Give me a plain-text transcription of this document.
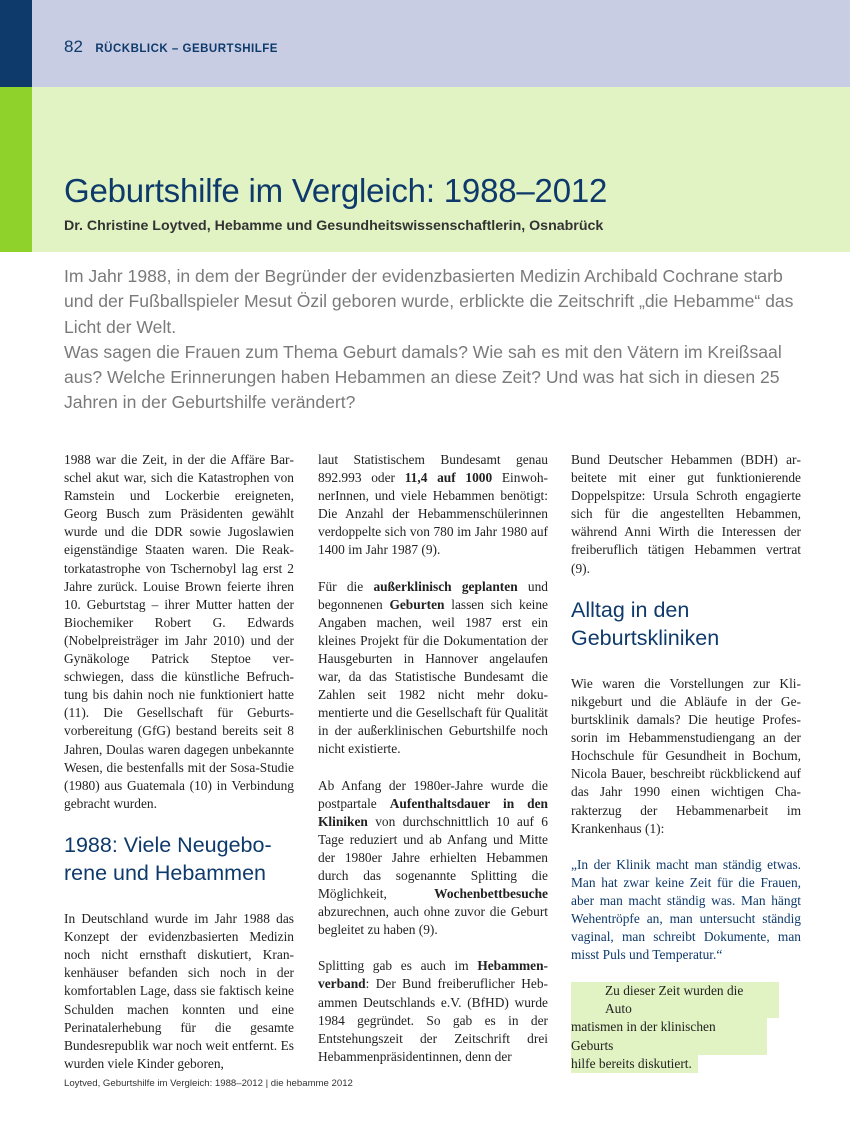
82 RÜCKBLICK – GEBURTSHILFE
Geburtshilfe im Vergleich: 1988–2012
Dr. Christine Loytved, Hebamme und Gesundheitswissenschaftlerin, Osnabrück

Im Jahr 1988, in dem der Begründer der evidenzbasierten Medizin Archibald Cochrane starb und der Fußballspieler Mesut Özil geboren wurde, erblickte die Zeitschrift „die Hebamme“ das Licht der Welt.

Was sagen die Frauen zum Thema Geburt damals? Wie sah es mit den Vätern im Kreißsaal aus? Welche Erinnerungen haben Hebammen an diese Zeit? Und was hat sich in diesen 25 Jahren in der Geburtshilfe verändert?

1988 war die Zeit, in der die Affäre Barschel akut war, sich die Katastrophen von Ramstein und Lockerbie ereigneten, Georg Busch zum Präsidenten gewählt wurde und die DDR sowie Jugoslawien eigenständige Staaten waren. Die Reaktorkatastrophe von Tschernobyl lag erst 2 Jahre zurück. Louise Brown feierte ihren 10. Geburtstag – ihrer Mutter hatten der Biochemiker Robert G. Edwards (Nobelpreisträger im Jahr 2010) und der Gynäkologe Patrick Steptoe verschwiegen, dass die künstliche Befruchtung bis dahin noch nie funktioniert hatte (11). Die Gesellschaft für Geburtsvorbereitung (GfG) bestand bereits seit 8 Jahren, Doulas waren dagegen unbekannte Wesen, die bestenfalls mit der Sosa-Studie (1980) aus Guatemala (10) in Verbindung gebracht wurden.

1988: Viele Neugeborene und Hebammen

In Deutschland wurde im Jahr 1988 das Konzept der evidenzbasierten Medizin noch nicht ernsthaft diskutiert, Krankenhäuser befanden sich noch in der komfortablen Lage, dass sie faktisch keine Schulden machen konnten und eine Perinatalerhebung für die gesamte Bundesrepublik war noch weit entfernt. Es wurden viele Kinder geboren,

laut Statistischem Bundesamt genau 892.993 oder 11,4 auf 1000 EinwohnerInnen, und viele Hebammen benötigt: Die Anzahl der Hebammenschülerinnen verdoppelte sich von 780 im Jahr 1980 auf 1400 im Jahr 1987 (9).

Für die außerklinisch geplanten und begonnenen Geburten lassen sich keine Angaben machen, weil 1987 erst ein kleines Projekt für die Dokumentation der Hausgeburten in Hannover angelaufen war, da das Statistische Bundesamt die Zahlen seit 1982 nicht mehr dokumentierte und die Gesellschaft für Qualität in der außerklinischen Geburtshilfe noch nicht existierte.

Ab Anfang der 1980er-Jahre wurde die postpartale Aufenthaltsdauer in den Kliniken von durchschnittlich 10 auf 6 Tage reduziert und ab Anfang und Mitte der 1980er Jahre erhielten Hebammen durch das sogenannte Splitting die Möglichkeit, Wochenbettbesuche abzurechnen, auch ohne zuvor die Geburt begleitet zu haben (9).

Splitting gab es auch im Hebammenverband: Der Bund freiberuflicher Hebammen Deutschlands e.V. (BfHD) wurde 1984 gegründet. So gab es in der Entstehungszeit der Zeitschrift drei Hebammenpräsidentinnen, denn der

Bund Deutscher Hebammen (BDH) arbeitete mit einer gut funktionierende Doppelspitze: Ursula Schroth engagierte sich für die angestellten Hebammen, während Anni Wirth die Interessen der freiberuflich tätigen Hebammen vertrat (9).

Alltag in den Geburtskliniken

Wie waren die Vorstellungen zur Klinikgeburt und die Abläufe in der Geburtsklinik damals? Die heutige Professorin im Hebammenstudiengang an der Hochschule für Gesundheit in Bochum, Nicola Bauer, beschreibt rückblickend auf das Jahr 1990 einen wichtigen Charakterzug der Hebammenarbeit im Krankenhaus (1):

„In der Klinik macht man ständig etwas. Man hat zwar keine Zeit für die Frauen, aber man macht ständig was. Man hängt Wehentröpfe an, man untersucht ständig vaginal, man schreibt Dokumente, man misst Puls und Temperatur.“

Zu dieser Zeit wurden die Auto
matismen in der klinischen Geburts
hilfe bereits diskutiert.
Loytved, Geburtshilfe im Vergleich: 1988–2012 | die hebamme 2012
